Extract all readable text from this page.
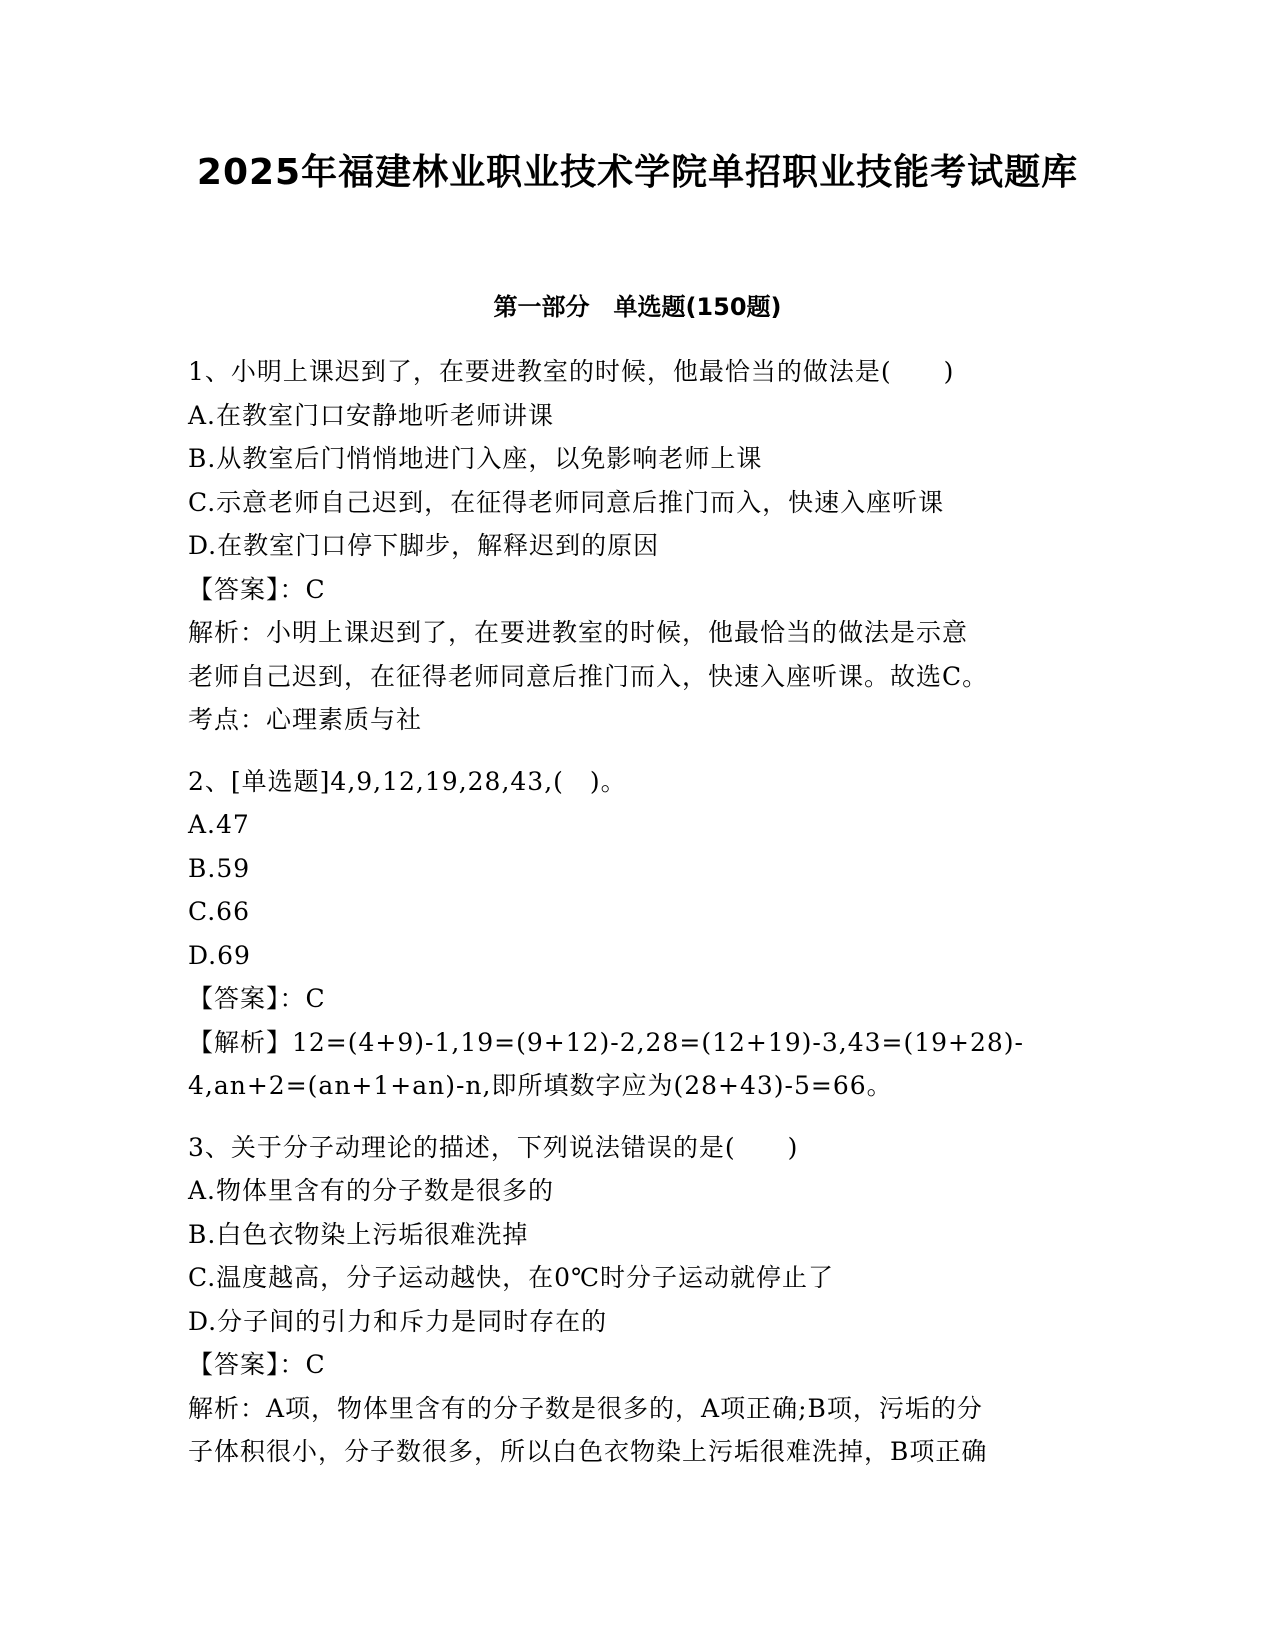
2025年福建林业职业技术学院单招职业技能考试题库
第一部分　单选题(150题)
1、小明上课迟到了，在要进教室的时候，他最恰当的做法是(　　)
A.在教室门口安静地听老师讲课
B.从教室后门悄悄地进门入座，以免影响老师上课
C.示意老师自己迟到，在征得老师同意后推门而入，快速入座听课
D.在教室门口停下脚步，解释迟到的原因
【答案】：C
解析：小明上课迟到了，在要进教室的时候，他最恰当的做法是示意
老师自己迟到，在征得老师同意后推门而入，快速入座听课。故选C。
考点：心理素质与社
2、[单选题]4,9,12,19,28,43,(　)。
A.47
B.59
C.66
D.69
【答案】：C
【解析】12=(4+9)-1,19=(9+12)-2,28=(12+19)-3,43=(19+28)-
4,an+2=(an+1+an)-n,即所填数字应为(28+43)-5=66。
3、关于分子动理论的描述，下列说法错误的是(　　)
A.物体里含有的分子数是很多的
B.白色衣物染上污垢很难洗掉
C.温度越高，分子运动越快，在0℃时分子运动就停止了
D.分子间的引力和斥力是同时存在的
【答案】：C
解析：A项，物体里含有的分子数是很多的，A项正确;B项，污垢的分
子体积很小，分子数很多，所以白色衣物染上污垢很难洗掉，B项正确
